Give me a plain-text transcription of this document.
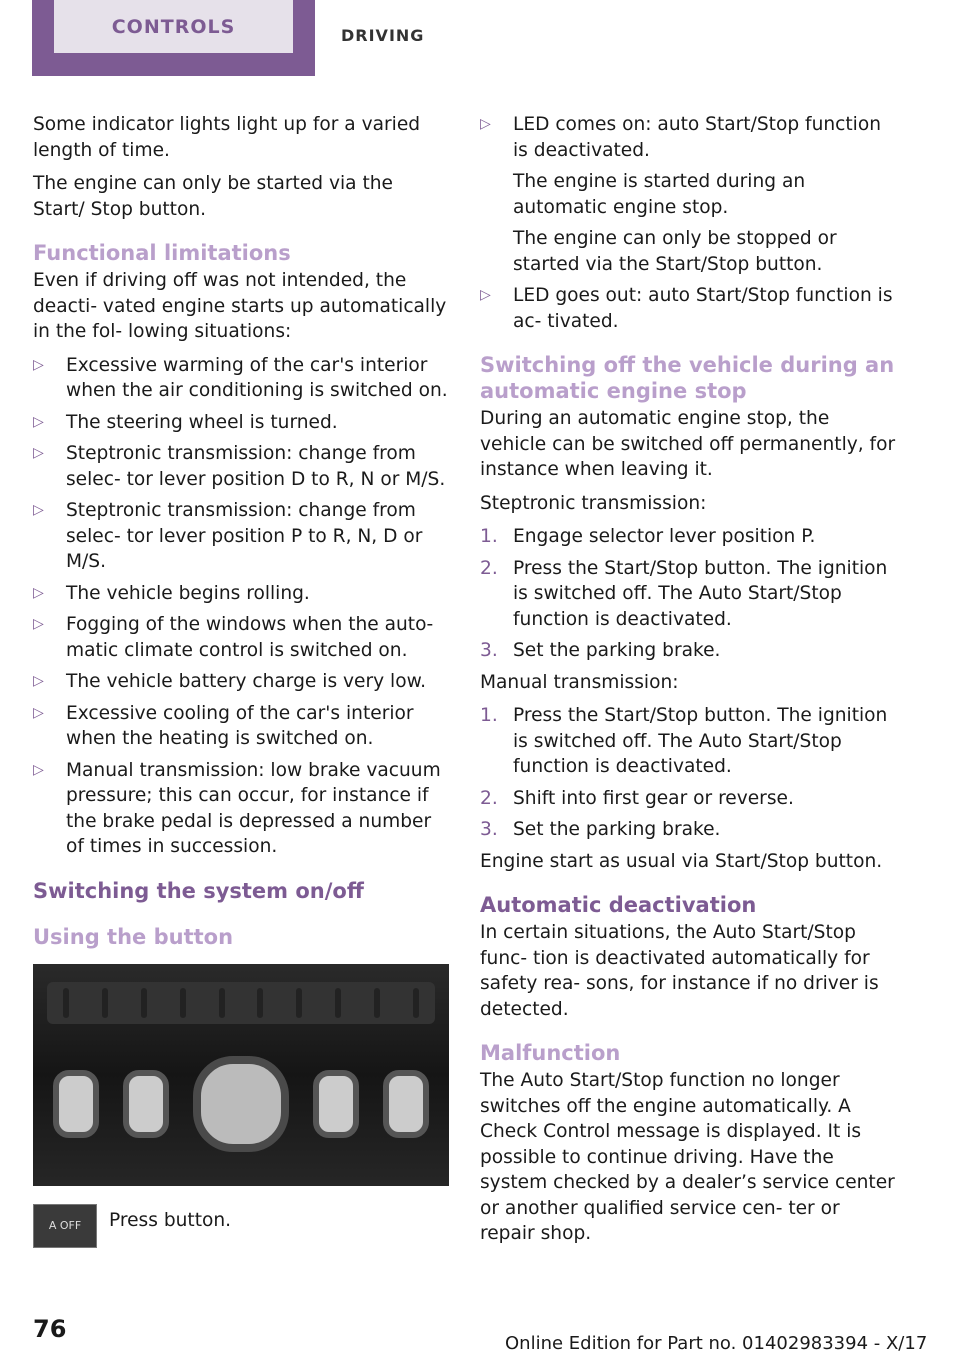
CONTROLS	DRIVING

Some indicator lights light up for a varied length of time.

The engine can only be started via the Start/ Stop button.

Functional limitations

Even if driving off was not intended, the deacti‐ vated engine starts up automatically in the fol‐ lowing situations:

▷ Excessive warming of the car's interior when the air conditioning is switched on.
▷ The steering wheel is turned.
▷ Steptronic transmission: change from selec‐ tor lever position D to R, N or M/S.
▷ Steptronic transmission: change from selec‐ tor lever position P to R, N, D or M/S.
▷ The vehicle begins rolling.
▷ Fogging of the windows when the auto‐ matic climate control is switched on.
▷ The vehicle battery charge is very low.
▷ Excessive cooling of the car's interior when the heating is switched on.
▷ Manual transmission: low brake vacuum pressure; this can occur, for instance if the brake pedal is depressed a number of times in succession.
Switching the system on/off
Using the button
A OFF Press button.

▷ LED comes on: auto Start/Stop function is deactivated.

The engine is started during an automatic engine stop.

The engine can only be stopped or started via the Start/Stop button.

▷ LED goes out: auto Start/Stop function is ac‐ tivated.
Switching off the vehicle during an automatic engine stop

During an automatic engine stop, the vehicle can be switched off permanently, for instance when leaving it.

Steptronic transmission:

1. Engage selector lever position P.
2. Press the Start/Stop button. The ignition is switched off. The Auto Start/Stop function is deactivated.
3. Set the parking brake.

Manual transmission:

1. Press the Start/Stop button. The ignition is switched off. The Auto Start/Stop function is deactivated.
2. Shift into first gear or reverse.
3. Set the parking brake.

Engine start as usual via Start/Stop button.

Automatic deactivation

In certain situations, the Auto Start/Stop func‐ tion is deactivated automatically for safety rea‐ sons, for instance if no driver is detected.

Malfunction

The Auto Start/Stop function no longer switches off the engine automatically. A Check Control message is displayed. It is possible to continue driving. Have the system checked by a dealer’s service center or another qualified service cen‐ ter or repair shop.

76
Online Edition for Part no. 01402983394 - X/17
